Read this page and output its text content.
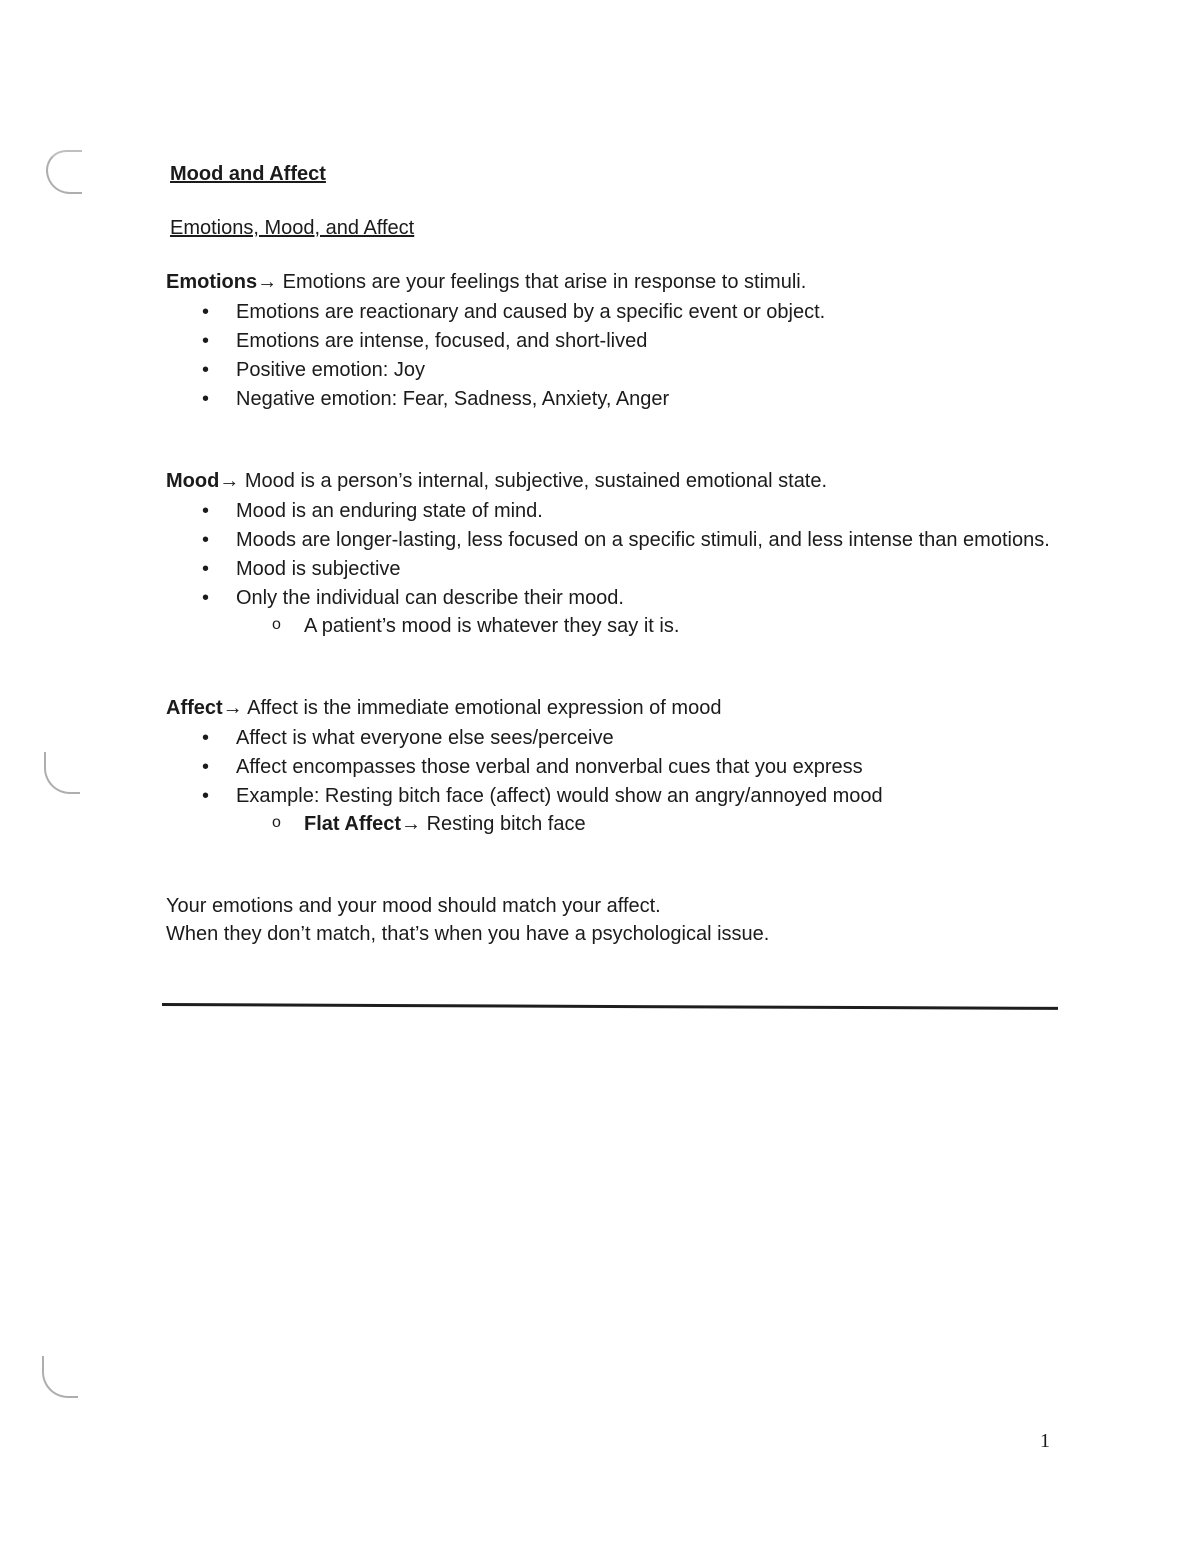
Mood and Affect
Emotions, Mood, and Affect
Emotions→ Emotions are your feelings that arise in response to stimuli.
• Emotions are reactionary and caused by a specific event or object.
• Emotions are intense, focused, and short-lived
• Positive emotion: Joy
• Negative emotion: Fear, Sadness, Anxiety, Anger
Mood→ Mood is a person’s internal, subjective, sustained emotional state.
• Mood is an enduring state of mind.
• Moods are longer-lasting, less focused on a specific stimuli, and less intense than emotions.
• Mood is subjective
• Only the individual can describe their mood.
o A patient’s mood is whatever they say it is.
Affect→ Affect is the immediate emotional expression of mood
• Affect is what everyone else sees/perceive
• Affect encompasses those verbal and nonverbal cues that you express
• Example: Resting bitch face (affect) would show an angry/annoyed mood
o Flat Affect→ Resting bitch face

Your emotions and your mood should match your affect.

When they don’t match, that’s when you have a psychological issue.

1
